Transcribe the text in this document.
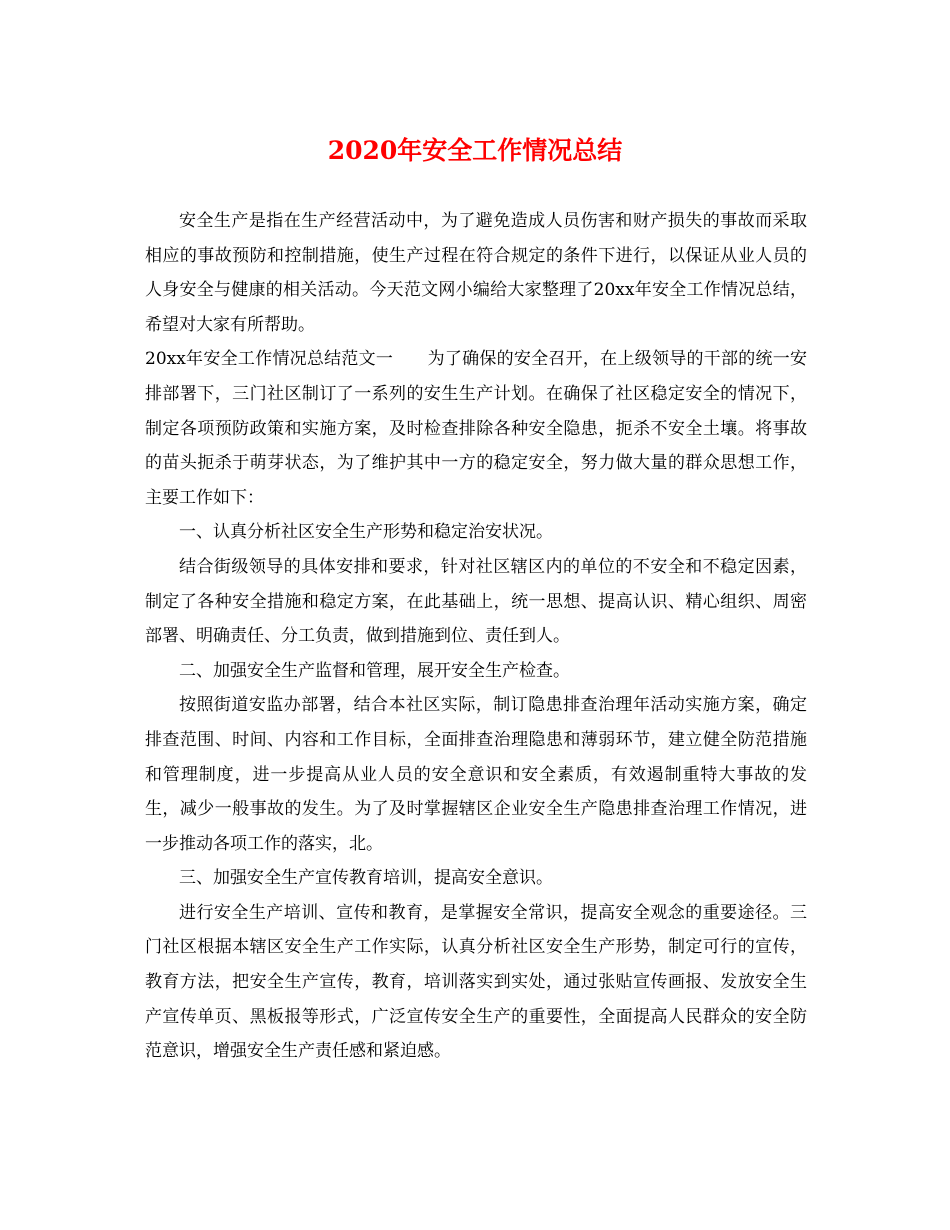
2020年安全工作情况总结

安全生产是指在生产经营活动中，为了避免造成人员伤害和财产损失的事故而采取相应的事故预防和控制措施，使生产过程在符合规定的条件下进行，以保证从业人员的人身安全与健康的相关活动。今天范文网小编给大家整理了20xx年安全工作情况总结，希望对大家有所帮助。

20xx年安全工作情况总结范文一　　为了确保的安全召开，在上级领导的干部的统一安排部署下，三门社区制订了一系列的安生生产计划。在确保了社区稳定安全的情况下，制定各项预防政策和实施方案，及时检查排除各种安全隐患，扼杀不安全土壤。将事故的苗头扼杀于萌芽状态，为了维护其中一方的稳定安全，努力做大量的群众思想工作，主要工作如下：

一、认真分析社区安全生产形势和稳定治安状况。

结合街级领导的具体安排和要求，针对社区辖区内的单位的不安全和不稳定因素，制定了各种安全措施和稳定方案，在此基础上，统一思想、提高认识、精心组织、周密部署、明确责任、分工负责，做到措施到位、责任到人。

二、加强安全生产监督和管理，展开安全生产检查。

按照街道安监办部署，结合本社区实际，制订隐患排查治理年活动实施方案，确定排查范围、时间、内容和工作目标，全面排查治理隐患和薄弱环节，建立健全防范措施和管理制度，进一步提高从业人员的安全意识和安全素质，有效遏制重特大事故的发生，减少一般事故的发生。为了及时掌握辖区企业安全生产隐患排查治理工作情况，进一步推动各项工作的落实，北。

三、加强安全生产宣传教育培训，提高安全意识。

进行安全生产培训、宣传和教育，是掌握安全常识，提高安全观念的重要途径。三门社区根据本辖区安全生产工作实际，认真分析社区安全生产形势，制定可行的宣传，教育方法，把安全生产宣传，教育，培训落实到实处，通过张贴宣传画报、发放安全生产宣传单页、黑板报等形式，广泛宣传安全生产的重要性，全面提高人民群众的安全防范意识，增强安全生产责任感和紧迫感。
